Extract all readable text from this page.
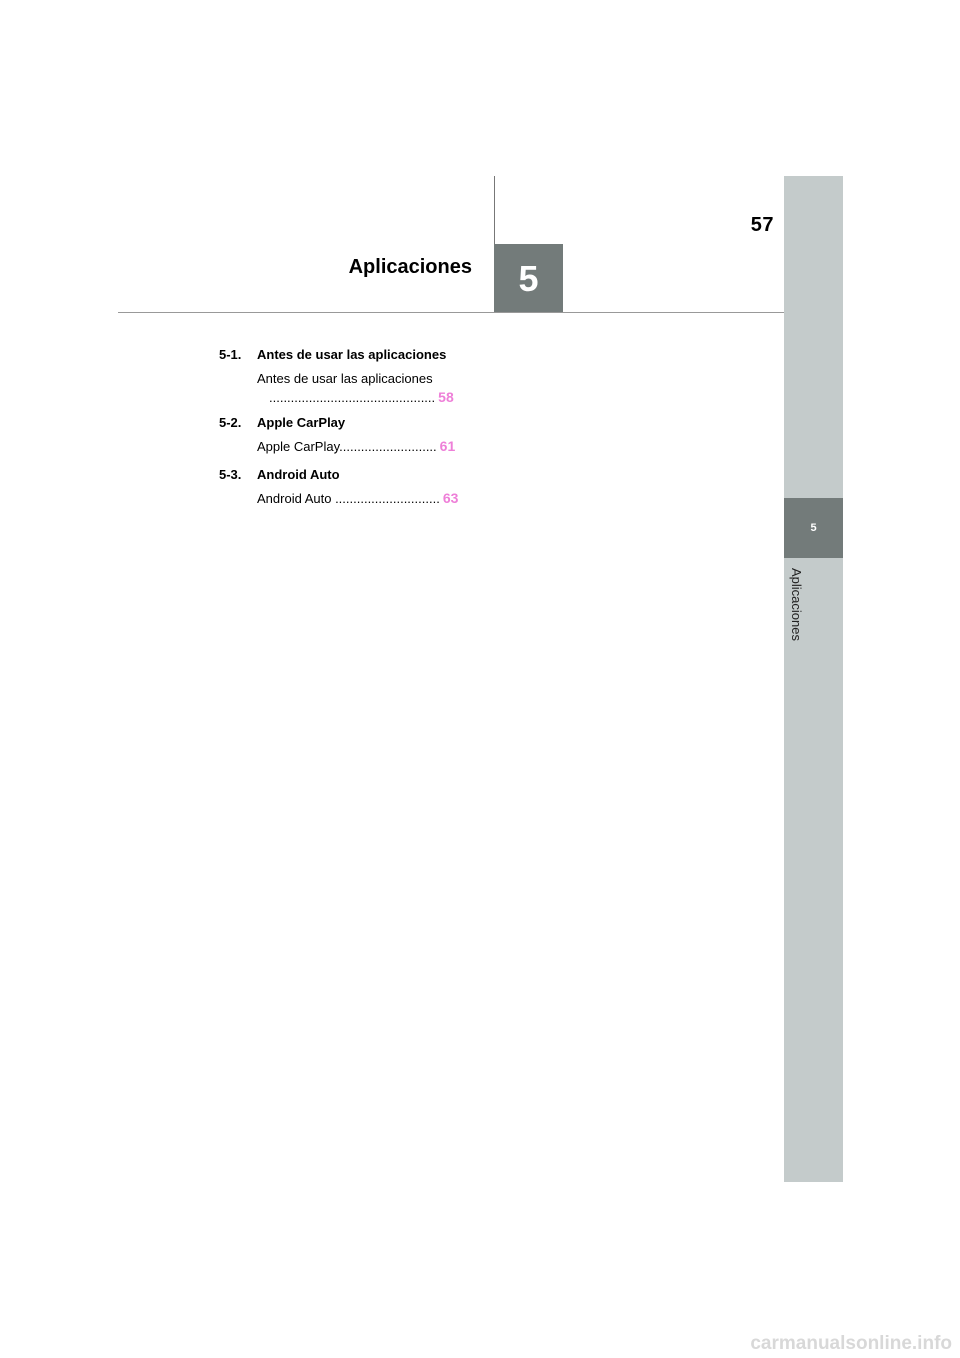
57
Aplicaciones	5
5
Aplicaciones
5-1.	Antes de usar las aplicaciones
Antes de usar las aplicaciones
.............................................. 58
5-2.	Apple CarPlay
Apple CarPlay........................... 61
5-3.	Android Auto
Android Auto ............................. 63
carmanualsonline.info
